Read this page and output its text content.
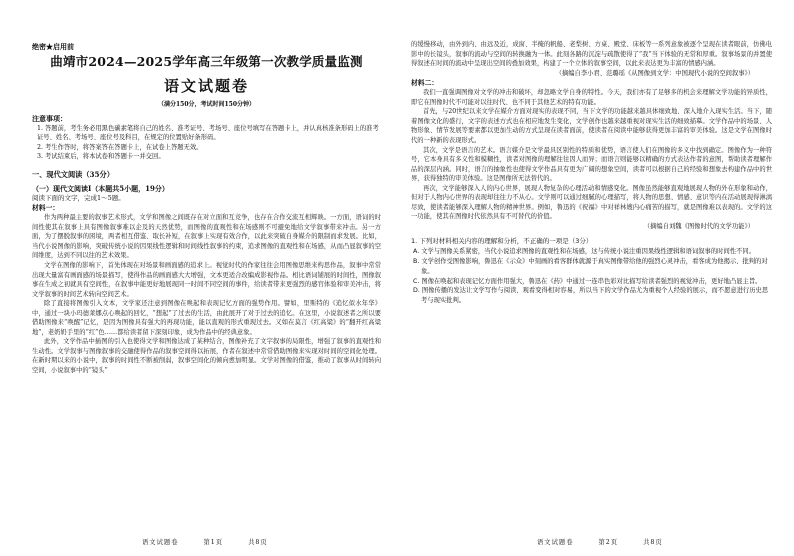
绝密★启用前
曲靖市2024—2025学年高三年级第一次教学质量监测
语文试题卷
（满分150分，考试时间150分钟）
注意事项：
1. 答题前，考生务必用黑色碳素笔将自己的姓名、准考证号、考场号、座位号填写在答题卡上，并认真核准条形码上的准考证号、姓名、考场号、座位号及科目，在规定的位置贴好条形码。
2. 考生作答时，将答案答在答题卡上，在试卷上答题无效。
3. 考试结束后，将本试卷和答题卡一并交回。
一、现代文阅读（35分）
（一）现代文阅读Ⅰ（本题共5小题，19分）
阅读下面的文字，完成1～5题。
材料一：
作为两种最主要的叙事艺术形式，文学和图像之间既存在对立面和互竞争，也存在合作交流互相辉映。一方面，语词的时间性使其在叙事上具有图像叙事难以企及的天然优势，而图像的直观性和在场感则不可避免地给文学叙事带来冲击。另一方面，为了摆脱叙事的困境，两者相互借鉴、取长补短，在叙事上实现有效合作，以此来突破自身媒介的限制而求发展。比如，当代小说图像的影响，突破传统小说的因果线性逻辑和时间线性叙事的约束，追求图像的直观性和在场感，从而凸显叙事的空间维度，达到不同以往的艺术效果。
文学在图像的影响下，首先体现在对场景和画面感的追求上。视觉时代的作家往往会用图像思维来构思作品，叙事中常常出现大量富有画面感的场景描写，使得作品的画面感大大增强，文本更适合改编成影视作品。相比语词铺展的时间性，图像叙事在生成之初就具有空间性，在叙事中能更好地展现同一时间不同空间的事件，给读者带来更强烈的感官体验和审美冲击，将文学叙事的时间艺术转向空间艺术。
除了直接将图像引入文本，文学家还注意到图像在唤起和表现记忆方面的强势作用。譬如，里斯特的《追忆似水年华》中，通过一块小玛德莱娜点心唤起的回忆，“想起”了过去的生活，由此展开了对于过去的追忆。在这里，小说叙述者之所以要借助图像来“唤醒”记忆，是因为图像具有强大的再现功能，能以直观的形式重现过去。又如在莫言《红高粱》的“翻开红高粱地”，老奶奶手里的“红”色……都给读者留下深刻印象，成为作品中的经典意象。
此外，文学作品中插图的引入也使得文学和图像达成了某种结合，图像补充了文字叙事的局限性，增强了叙事的直观性和生动性。文学叙事与图像叙事的交融使得作品的叙事空间得以拓展，作者在叙述中常常借助图像来实现对时间的空间化处理。在新时期以来的小说中，叙事的时间性不断被削弱，叙事空间化的倾向愈加明显。文学对图像的借鉴，推动了叙事从时间转向空间，小说叙事中的“镜头”
语文试题卷	第1页	共8页
的缓慢移动，由外到内、由远及近，成窗、半掩的帆船、老梨树、方桌、殿堂、床板等一系列意象被逐个呈现在读者眼前，仿佛电影中的长镜头，叙事的流动与空间的转换融为一体。此刻各路的沉淀与疏散使得了“我”当下体验的无常和厚重。叙事场景的并置使得叙述在时间的流动中呈现出空间的叠加效果，构建了一个立体的叙事空间，以此来表达更为丰富的情感内涵。
（摘编自李小君、范璐瑶《从图像到文学：中国现代小说的空间叙事》）
材料二：
我们一直强调图像对文学的冲击和破坏，却忽略文学自身的特性。今天，我们亦有了足够多的机会来理解文学功能的异质性，即它在图像时代不可能对以往时代、也不同于其他艺术的特有功能。
首先，与20世纪以来文学在媒介方面对现实的表现不同，当下文学的功能越来越具体细致地、深入地介入现实生活。当下，随着图像文化的盛行，文字的表述方式也在相应地发生变化，文学创作也越来越重视对现实生活的细致描摹。文学作品中的场景、人物形象、情节发展等要素都以更加生动的方式呈现在读者面前，使读者在阅读中能够获得更加丰富的审美体验。这是文学在图像时代的一种新的表现形式。
其次，文学是语言的艺术。语言媒介是文学最具区别性的特质和优势，语言使人们在图像的多义中找到确定。图像作为一种符号，它本身具有多义性和模糊性，读者对图像的理解往往因人而异；而语言则能够以精确的方式表达作者的意图，帮助读者理解作品的深层内涵。同时，语言的抽象性也使得文学作品具有更为广阔的想象空间，读者可以根据自己的经验和想象去构建作品中的世界，获得独特的审美体验。这是图像所无法替代的。
再次，文学能够深入人的内心世界，展现人物复杂的心理活动和情感变化。图像虽然能够直观地展现人物的外在形象和动作，但对于人物内心世界的表现却往往力不从心。文学则可以通过细腻的心理描写，将人物的思想、情感、意识等内在活动展现得淋漓尽致，使读者能够深入理解人物的精神世界。例如，鲁迅的《祝福》中对祥林嫂内心痛苦的描写，就是图像难以表现的。文学的这一功能，使其在图像时代依然具有不可替代的价值。
（摘编自刘魏《图像时代的文学功能》）
1. 下列对材料相关内容的理解和分析，不正确的一项是（3分）
A. 文学与图像关系紧密，当代小说追求图像的直观性和在场感，这与传统小说注重因果线性逻辑和语词叙事的时间性不同。
B. 文学创作受图像影响，鲁迅在《示众》中刻画的看客群体就源于真实图像带给他的强烈心灵冲击，看客成为他揭示、批判的对象。
C. 图像在唤起和表现记忆方面作用强大，鲁迅在《药》中通过一连串色彩对比描写给读者强烈的视觉冲击，更好地凸显主旨。
D. 图像传播的发达让文学写作与阅读、观看变得相对容易，所以当下的文学作品尤为重视个人经验的展示，而不愿意进行历史思考与现实批判。
语文试题卷	第2页	共8页
